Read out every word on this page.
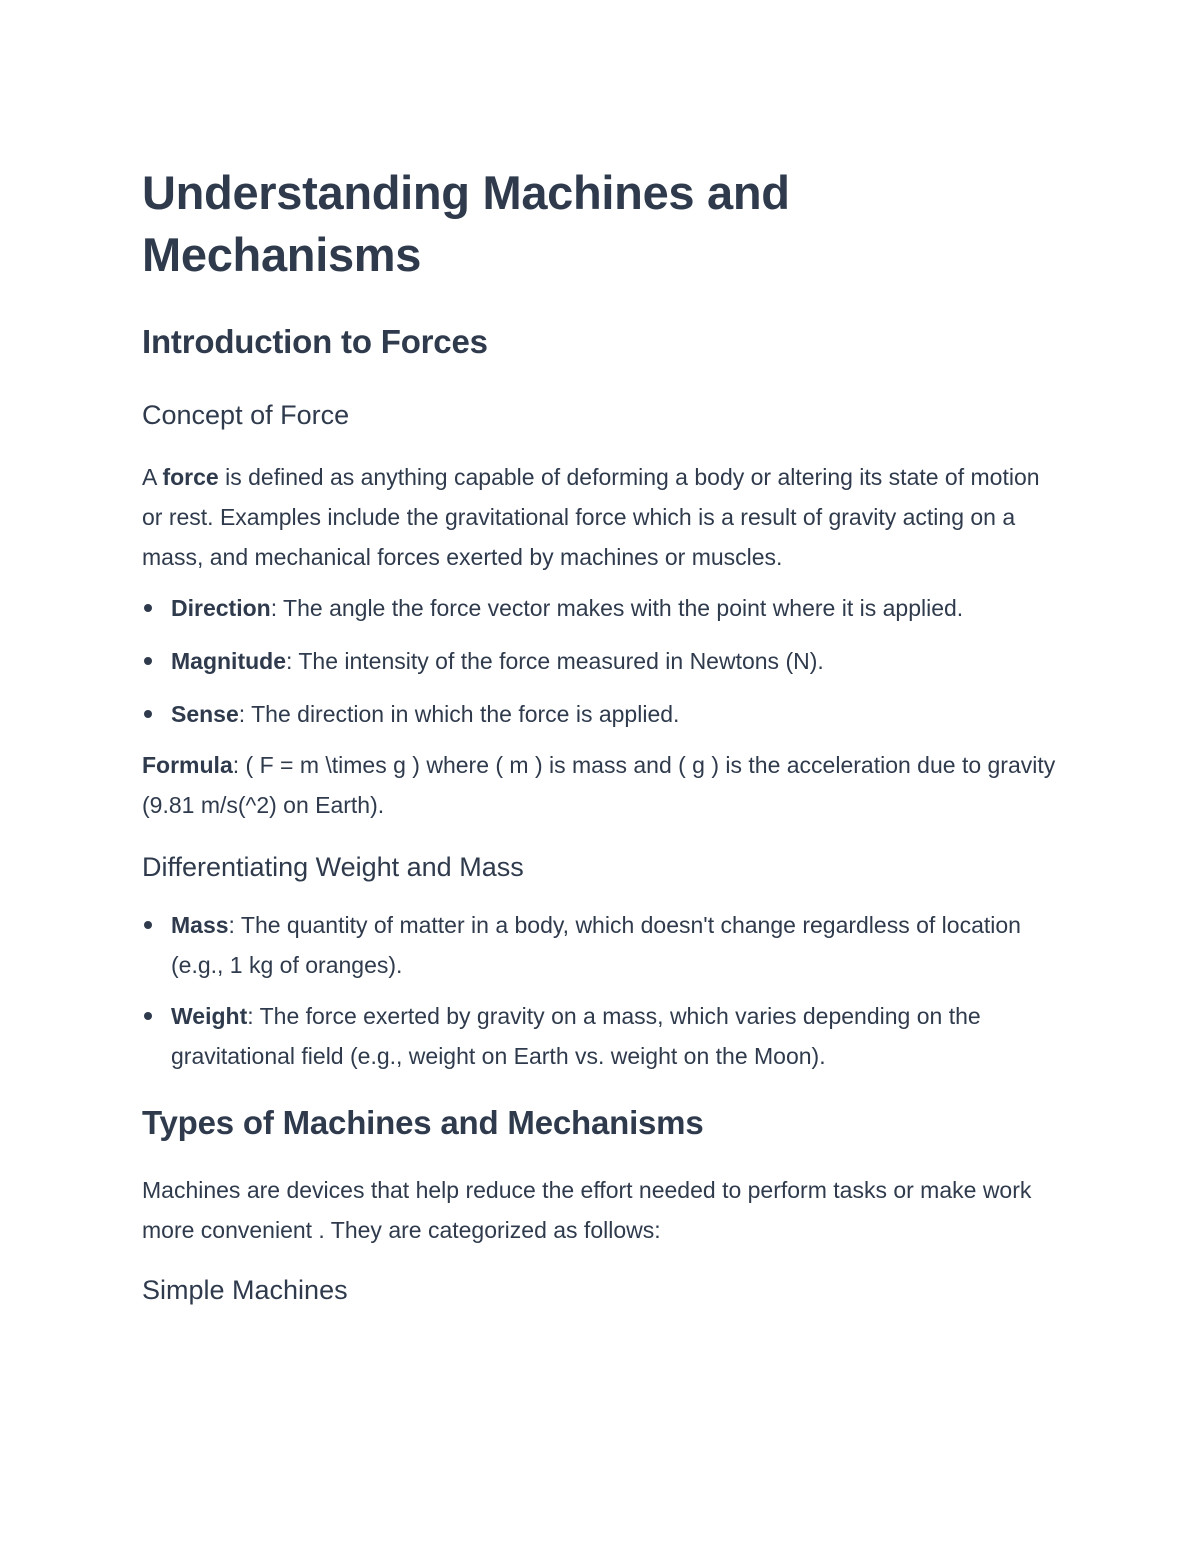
Understanding Machines and Mechanisms
Introduction to Forces
Concept of Force

A force is defined as anything capable of deforming a body or altering its state of motion or rest. Examples include the gravitational force which is a result of gravity acting on a mass, and mechanical forces exerted by machines or muscles.

Direction: The angle the force vector makes with the point where it is applied.
Magnitude: The intensity of the force measured in Newtons (N).
Sense: The direction in which the force is applied.

Formula: ( F = m \times g ) where ( m ) is mass and ( g ) is the acceleration due to gravity (9.81 m/s(^2) on Earth).

Differentiating Weight and Mass
Mass: The quantity of matter in a body, which doesn't change regardless of location (e.g., 1 kg of oranges).
Weight: The force exerted by gravity on a mass, which varies depending on the gravitational field (e.g., weight on Earth vs. weight on the Moon).
Types of Machines and Mechanisms

Machines are devices that help reduce the effort needed to perform tasks or make work more convenient . They are categorized as follows:

Simple Machines
